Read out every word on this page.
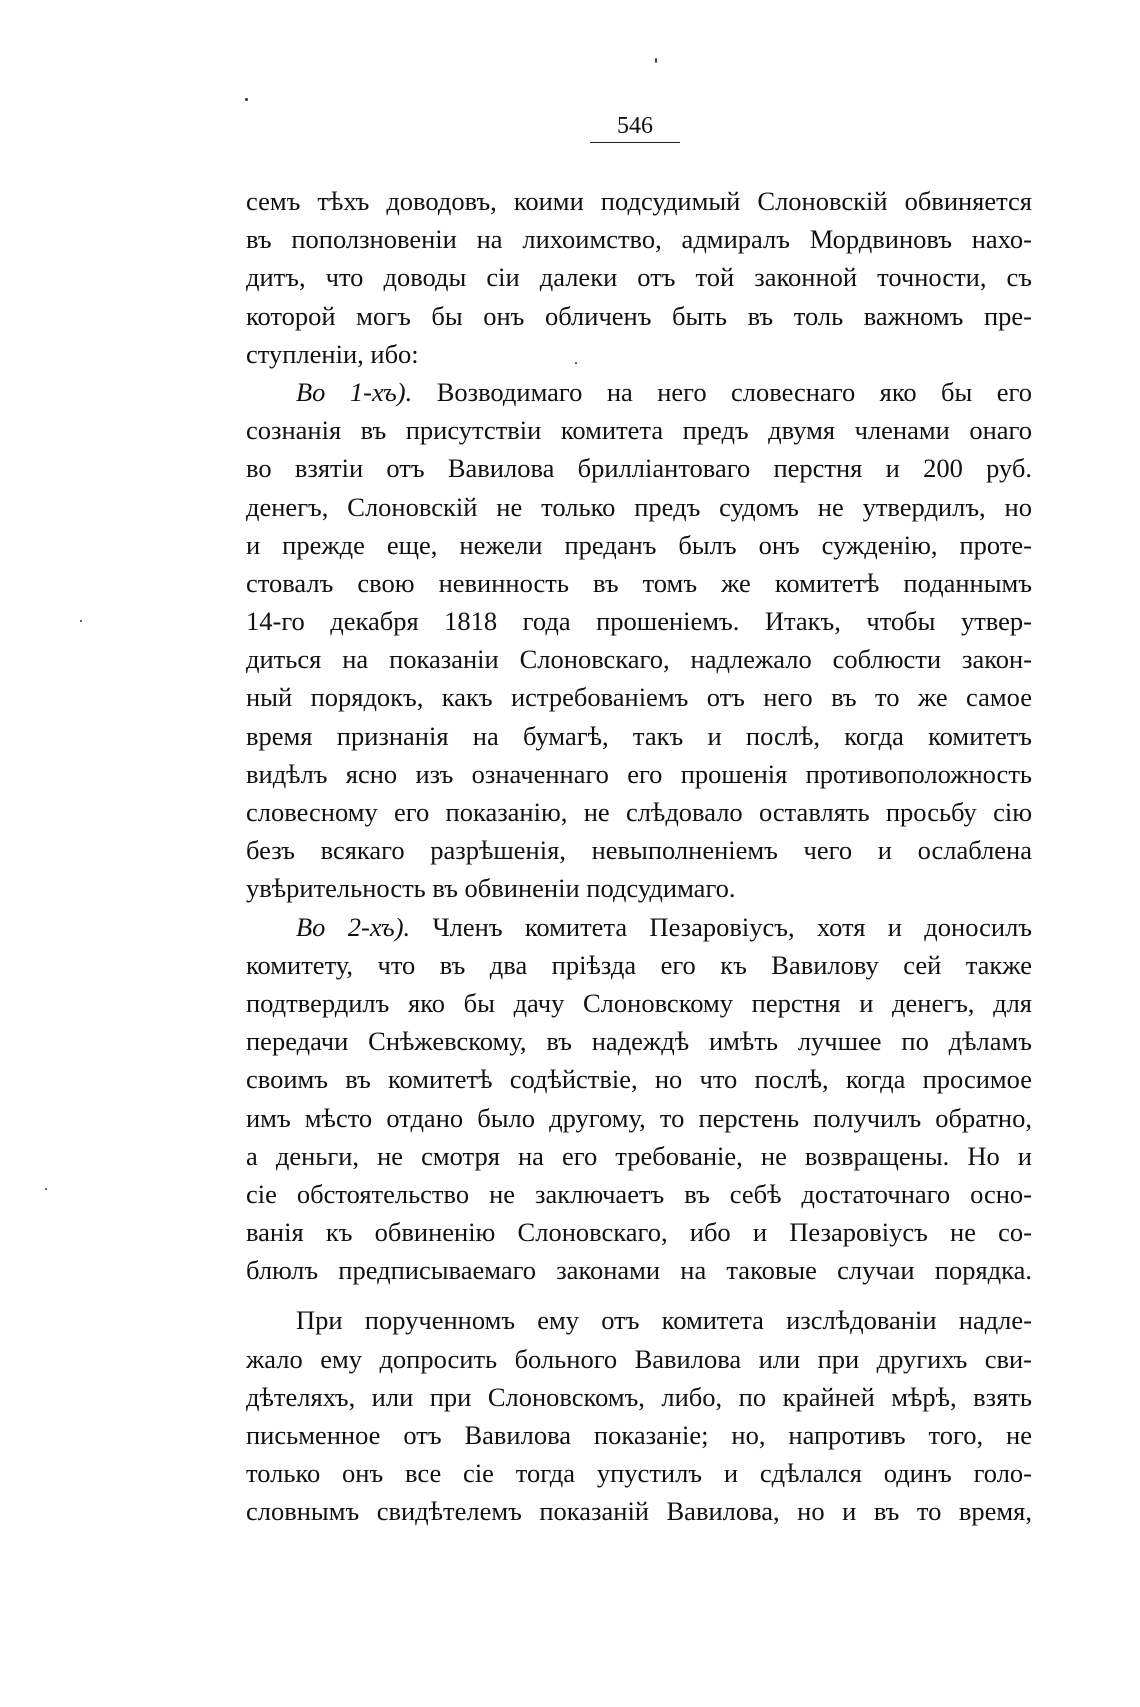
546
семъ тѣхъ доводовъ, коими подсудимый Слоновскій обвиняется
въ поползновеніи на лихоимство, адмиралъ Мордвиновъ нахо-
дитъ, что доводы сіи далеки отъ той законной точности, съ
которой могъ бы онъ обличенъ быть въ толь важномъ пре-
ступленіи, ибо:
Во 1-хъ). Возводимаго на него словеснаго яко бы его
сознанія въ присутствіи комитета предъ двумя членами онаго
во взятіи отъ Вавилова брилліантоваго перстня и 200 руб.
денегъ, Слоновскій не только предъ судомъ не утвердилъ, но
и прежде еще, нежели преданъ былъ онъ сужденію, проте-
стовалъ свою невинность въ томъ же комитетѣ поданнымъ
14-го декабря 1818 года прошеніемъ. Итакъ, чтобы утвер-
диться на показаніи Слоновскаго, надлежало соблюсти закон-
ный порядокъ, какъ истребованіемъ отъ него въ то же самое
время признанія на бумагѣ, такъ и послѣ, когда комитетъ
видѣлъ ясно изъ означеннаго его прошенія противоположность
словесному его показанію, не слѣдовало оставлять просьбу сію
безъ всякаго разрѣшенія, невыполненіемъ чего и ослаблена
увѣрительность въ обвиненіи подсудимаго.
Во 2-хъ). Членъ комитета Пезаровіусъ, хотя и доносилъ
комитету, что въ два пріѣзда его къ Вавилову сей также
подтвердилъ яко бы дачу Слоновскому перстня и денегъ, для
передачи Снѣжевскому, въ надеждѣ имѣть лучшее по дѣламъ
своимъ въ комитетѣ содѣйствіе, но что послѣ, когда просимое
имъ мѣсто отдано было другому, то перстень получилъ обратно,
а деньги, не смотря на его требованіе, не возвращены. Но и
сіе обстоятельство не заключаетъ въ себѣ достаточнаго осно-
ванія къ обвиненію Слоновскаго, ибо и Пезаровіусъ не со-
блюлъ предписываемаго законами на таковые случаи порядка.
При порученномъ ему отъ комитета изслѣдованіи надле-
жало ему допросить больного Вавилова или при другихъ сви-
дѣтеляхъ, или при Слоновскомъ, либо, по крайней мѣрѣ, взять
письменное отъ Вавилова показаніе; но, напротивъ того, не
только онъ все сіе тогда упустилъ и сдѣлался одинъ голо-
словнымъ свидѣтелемъ показаній Вавилова, но и въ то время,
